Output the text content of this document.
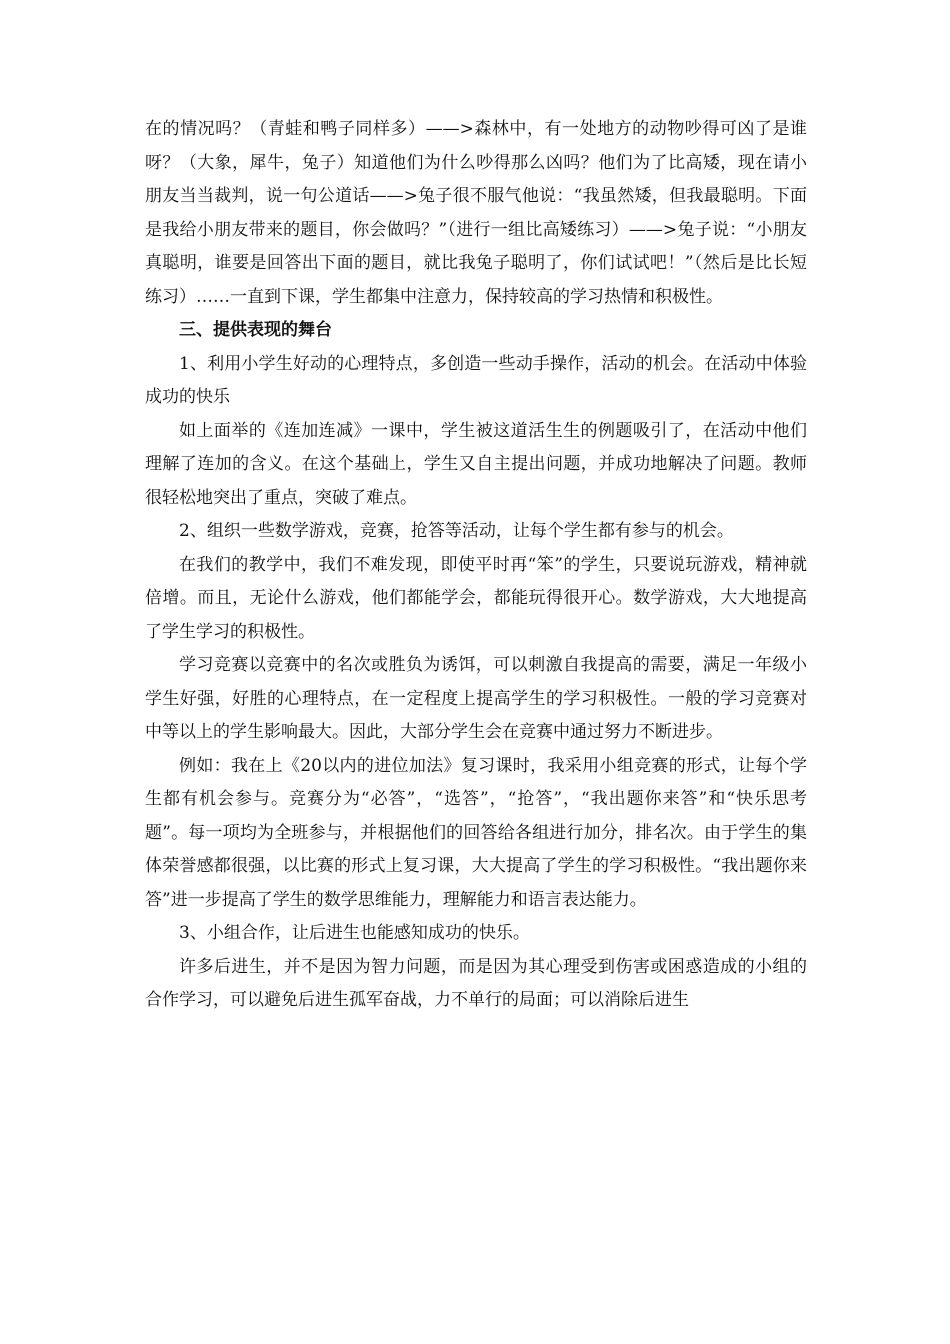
在的情况吗？（青蛙和鸭子同样多）——>森林中，有一处地方的动物吵得可凶了是谁呀？（大象，犀牛，兔子）知道他们为什么吵得那么凶吗？他们为了比高矮，现在请小朋友当当裁判，说一句公道话——>兔子很不服气他说：“我虽然矮，但我最聪明。下面是我给小朋友带来的题目，你会做吗？”（进行一组比高矮练习）——>兔子说：“小朋友真聪明，谁要是回答出下面的题目，就比我兔子聪明了，你们试试吧！”（然后是比长短练习）……一直到下课，学生都集中注意力，保持较高的学习热情和积极性。

三、提供表现的舞台

1、利用小学生好动的心理特点，多创造一些动手操作，活动的机会。在活动中体验成功的快乐

如上面举的《连加连减》一课中，学生被这道活生生的例题吸引了，在活动中他们理解了连加的含义。在这个基础上，学生又自主提出问题，并成功地解决了问题。教师很轻松地突出了重点，突破了难点。

2、组织一些数学游戏，竞赛，抢答等活动，让每个学生都有参与的机会。

在我们的教学中，我们不难发现，即使平时再“笨”的学生，只要说玩游戏，精神就倍增。而且，无论什么游戏，他们都能学会，都能玩得很开心。数学游戏，大大地提高了学生学习的积极性。

学习竞赛以竞赛中的名次或胜负为诱饵，可以刺激自我提高的需要，满足一年级小学生好强，好胜的心理特点，在一定程度上提高学生的学习积极性。一般的学习竞赛对中等以上的学生影响最大。因此，大部分学生会在竞赛中通过努力不断进步。

例如：我在上《20以内的进位加法》复习课时，我采用小组竞赛的形式，让每个学生都有机会参与。竞赛分为“必答”，“选答”，“抢答”，“我出题你来答”和“快乐思考题”。每一项均为全班参与，并根据他们的回答给各组进行加分，排名次。由于学生的集体荣誉感都很强，以比赛的形式上复习课，大大提高了学生的学习积极性。“我出题你来答”进一步提高了学生的数学思维能力，理解能力和语言表达能力。

3、小组合作，让后进生也能感知成功的快乐。

许多后进生，并不是因为智力问题，而是因为其心理受到伤害或困惑造成的小组的合作学习，可以避免后进生孤军奋战，力不单行的局面；可以消除后进生
